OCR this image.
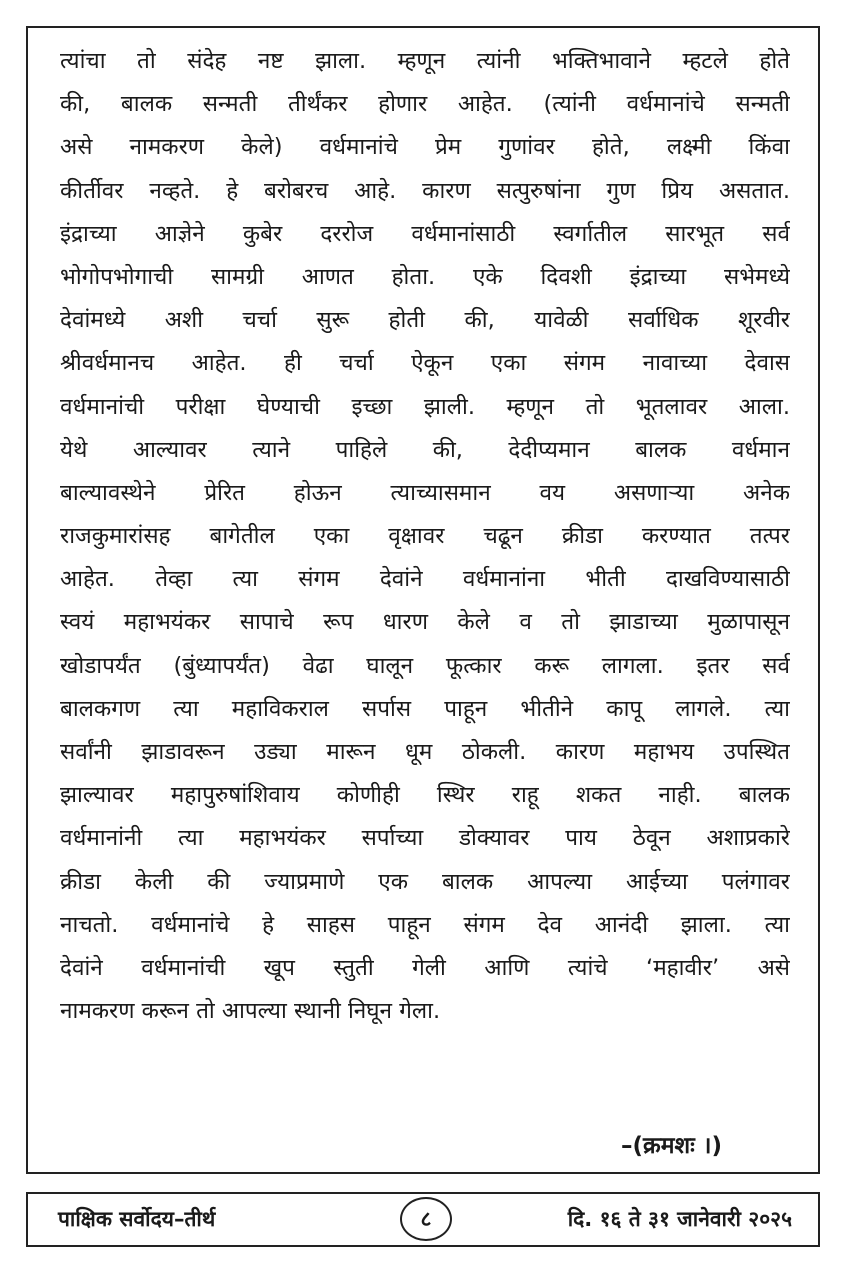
त्यांचा तो संदेह नष्ट झाला. म्हणून त्यांनी भक्तिभावाने म्हटले होते
की, बालक सन्मती तीर्थंकर होणार आहेत. (त्यांनी वर्धमानांचे सन्मती
असे नामकरण केले) वर्धमानांचे प्रेम गुणांवर होते, लक्ष्मी किंवा
कीर्तीवर नव्हते. हे बरोबरच आहे. कारण सत्पुरुषांना गुण प्रिय असतात.
इंद्राच्या आज्ञेने कुबेर दररोज वर्धमानांसाठी स्वर्गातील सारभूत सर्व
भोगोपभोगाची सामग्री आणत होता. एके दिवशी इंद्राच्या सभेमध्ये
देवांमध्ये अशी चर्चा सुरू होती की, यावेळी सर्वाधिक शूरवीर
श्रीवर्धमानच आहेत. ही चर्चा ऐकून एका संगम नावाच्या देवास
वर्धमानांची परीक्षा घेण्याची इच्छा झाली. म्हणून तो भूतलावर आला.
येथे आल्यावर त्याने पाहिले की, देदीप्यमान बालक वर्धमान
बाल्यावस्थेने प्रेरित होऊन त्याच्यासमान वय असणाऱ्या अनेक
राजकुमारांसह बागेतील एका वृक्षावर चढून क्रीडा करण्यात तत्पर
आहेत. तेव्हा त्या संगम देवांने वर्धमानांना भीती दाखविण्यासाठी
स्वयं महाभयंकर सापाचे रूप धारण केले व तो झाडाच्या मुळापासून
खोडापर्यंत (बुंध्यापर्यंत) वेढा घालून फूत्कार करू लागला. इतर सर्व
बालकगण त्या महाविकराल सर्पास पाहून भीतीने कापू लागले. त्या
सर्वांनी झाडावरून उड्या मारून धूम ठोकली. कारण महाभय उपस्थित
झाल्यावर महापुरुषांशिवाय कोणीही स्थिर राहू शकत नाही. बालक
वर्धमानांनी त्या महाभयंकर सर्पाच्या डोक्यावर पाय ठेवून अशाप्रकारे
क्रीडा केली की ज्याप्रमाणे एक बालक आपल्या आईच्या पलंगावर
नाचतो. वर्धमानांचे हे साहस पाहून संगम देव आनंदी झाला. त्या
देवांने वर्धमानांची खूप स्तुती गेली आणि त्यांचे ‘महावीर’ असे
नामकरण करून तो आपल्या स्थानी निघून गेला.
–(क्रमशः ।)
पाक्षिक सर्वोदय–तीर्थ	८	दि. १६ ते ३१ जानेवारी २०२५
